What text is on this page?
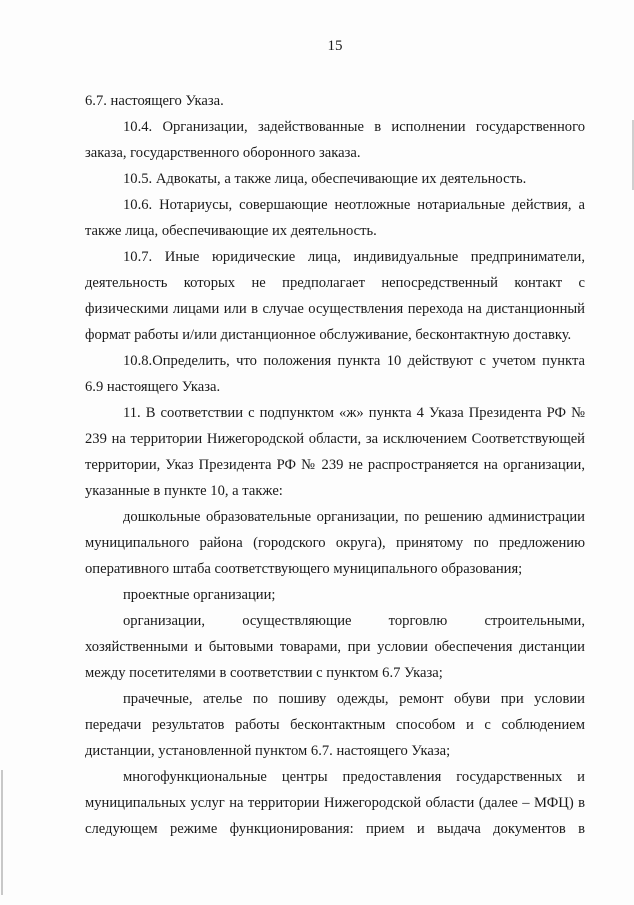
15

6.7. настоящего Указа.

10.4. Организации, задействованные в исполнении государственного заказа, государственного оборонного заказа.

10.5. Адвокаты, а также лица, обеспечивающие их деятельность.

10.6. Нотариусы, совершающие неотложные нотариальные действия, а также лица, обеспечивающие их деятельность.

10.7. Иные юридические лица, индивидуальные предприниматели, деятельность которых не предполагает непосредственный контакт с физическими лицами или в случае осуществления перехода на дистанционный формат работы и/или дистанционное обслуживание, бесконтактную доставку.

10.8.Определить, что положения пункта 10 действуют с учетом пункта 6.9 настоящего Указа.

11. В соответствии с подпунктом «ж» пункта 4 Указа Президента РФ № 239 на территории Нижегородской области, за исключением Соответствующей территории, Указ Президента РФ № 239 не распространяется на организации, указанные в пункте 10, а также:

дошкольные образовательные организации, по решению администрации муниципального района (городского округа), принятому по предложению оперативного штаба соответствующего муниципального образования;

проектные организации;

организации, осуществляющие торговлю строительными, хозяйственными и бытовыми товарами, при условии обеспечения дистанции между посетителями в соответствии с пунктом 6.7 Указа;

прачечные, ателье по пошиву одежды, ремонт обуви при условии передачи результатов работы бесконтактным способом и с соблюдением дистанции, установленной пунктом 6.7. настоящего Указа;

многофункциональные центры предоставления государственных и муниципальных услуг на территории Нижегородской области (далее – МФЦ) в следующем режиме функционирования: прием и выдача документов в
